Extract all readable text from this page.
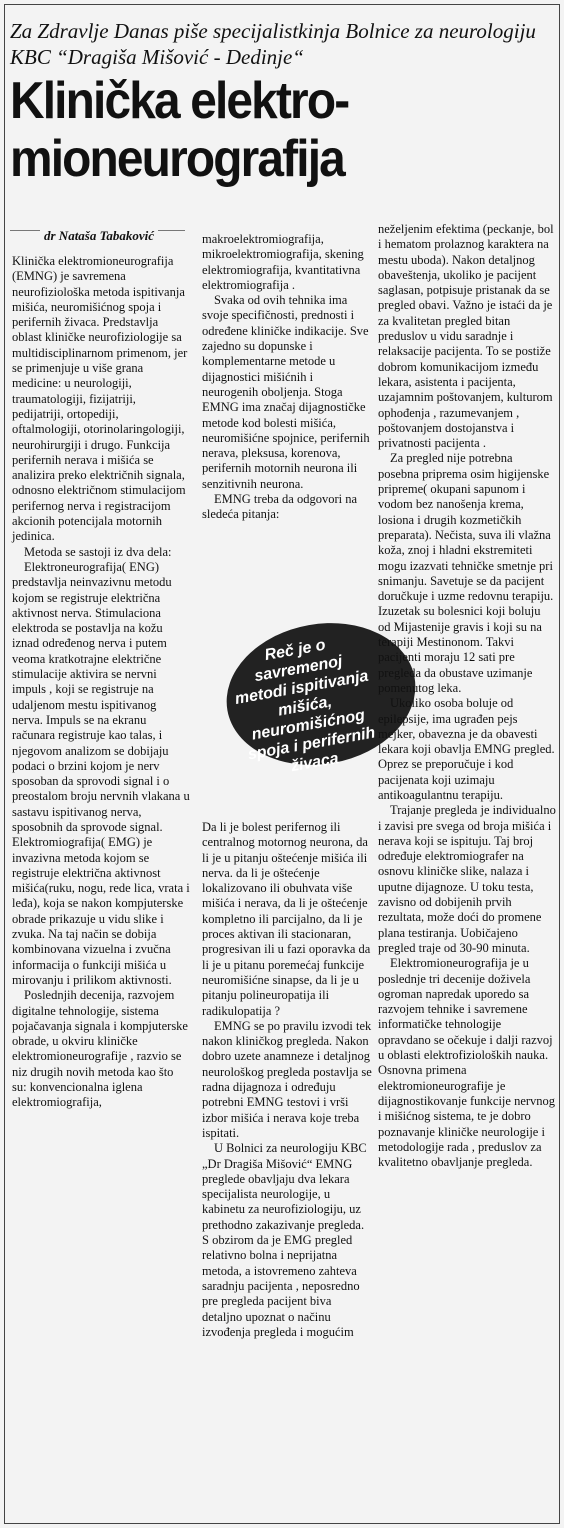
Za Zdravlje Danas piše specijalistkinja Bolnice za neurologiju KBC “Dragiša Mišović - Dedinje“

Klinička elektro-mioneurografija
dr Nataša Tabaković

Klinička elektromioneurografija (EMNG) je savremena neurofiziološka metoda ispitivanja mišića, neuromišićnog spoja i perifernih živaca. Predstavlja oblast kliničke neurofiziologije sa multidisciplinarnom primenom, jer se primenjuje u više grana medicine: u neurologiji, traumatologiji, fizijatriji, pedijatriji, ortopediji, oftalmologiji, otorinolaringologiji, neurohirurgiji i drugo. Funkcija perifernih nerava i mišića se analizira preko električnih signala, odnosno električnom stimulacijom perifernog nerva i registracijom akcionih potencijala motornih jedinica.

Metoda se sastoji iz dva dela:

Elektroneurografija( ENG) predstavlja neinvazivnu metodu kojom se registruje električna aktivnost nerva. Stimulaciona elektroda se postavlja na kožu iznad određenog nerva i putem veoma kratkotrajne električne stimulacije aktivira se nervni impuls , koji se registruje na udaljenom mestu ispitivanog nerva. Impuls se na ekranu računara registruje kao talas, i njegovom analizom se dobijaju podaci o brzini kojom je nerv sposoban da sprovodi signal i o preostalom broju nervnih vlakana u sastavu ispitivanog nerva, sposobnih da sprovode signal.

Elektromiografija( EMG) je invazivna metoda kojom se registruje električna aktivnost mišića(ruku, nogu, rede lica, vrata i leđa), koja se nakon kompjuterske obrade prikazuje u vidu slike i zvuka. Na taj način se dobija kombinovana vizuelna i zvučna informacija o funkciji mišića u mirovanju i prilikom aktivnosti.

Poslednjih decenija, razvojem digitalne tehnologije, sistema pojačavanja signala i kompjuterske obrade, u okviru kliničke elektromioneurografije , razvio se niz drugih novih metoda kao što su: konvencionalna iglena elektromiografija,

makroelektromiografija, mikroelektromiografija, skening elektromiografija, kvantitativna elektromiografija .

Svaka od ovih tehnika ima svoje specifičnosti, prednosti i određene kliničke indikacije. Sve zajedno su dopunske i komplementarne metode u dijagnostici mišićnih i neurogenih oboljenja. Stoga EMNG ima značaj dijagnostičke metode kod bolesti mišića, neuromišićne spojnice, perifernih nerava, pleksusa, korenova, perifernih motornih neurona ili senzitivnih neurona.

EMNG treba da odgovori na sledeća pitanja:

Reč je o savremenoj metodi ispitivanja mišića, neuromišićnog spoja i perifernih živaca

Da li je bolest perifernog ili centralnog motornog neurona, da li je u pitanju oštećenje mišića ili nerva. da li je oštećenje lokalizovano ili obuhvata više mišića i nerava, da li je oštećenje kompletno ili parcijalno, da li je proces aktivan ili stacionaran, progresivan ili u fazi oporavka da li je u pitanu poremećaj funkcije neuromišićne sinapse, da li je u pitanju polineuropatija ili radikulopatija ?

EMNG se po pravilu izvodi tek nakon kliničkog pregleda. Nakon dobro uzete anamneze i detaljnog neurološkog pregleda postavlja se radna dijagnoza i određuju potrebni EMNG testovi i vrši izbor mišića i nerava koje treba ispitati.

U Bolnici za neurologiju KBC „Dr Dragiša Mišović“ EMNG preglede obavljaju dva lekara specijalista neurologije, u kabinetu za neurofiziologiju, uz prethodno zakazivanje pregleda. S obzirom da je EMG pregled relativno bolna i neprijatna metoda, a istovremeno zahteva saradnju pacijenta , neposredno pre pregleda pacijent biva detaljno upoznat o načinu izvođenja pregleda i mogućim

neželjenim efektima (peckanje, bol i hematom prolaznog karaktera na mestu uboda). Nakon detaljnog obaveštenja, ukoliko je pacijent saglasan, potpisuje pristanak da se pregled obavi. Važno je istaći da je za kvalitetan pregled bitan preduslov u vidu saradnje i relaksacije pacijenta. To se postiže dobrom komunikacijom između lekara, asistenta i pacijenta, uzajamnim poštovanjem, kulturom ophođenja , razumevanjem , poštovanjem dostojanstva i privatnosti pacijenta .

Za pregled nije potrebna posebna priprema osim higijenske pripreme( okupani sapunom i vodom bez nanošenja krema, losiona i drugih kozmetičkih preparata). Nečista, suva ili vlažna koža, znoj i hladni ekstremiteti mogu izazvati tehničke smetnje pri snimanju. Savetuje se da pacijent doručkuje i uzme redovnu terapiju. Izuzetak su bolesnici koji boluju od Mijastenije gravis i koji su na terapiji Mestinonom. Takvi pacijenti moraju 12 sati pre pregleda da obustave uzimanje pomenutog leka.

Ukoliko osoba boluje od epilepsije, ima ugrađen pejs mejker, obavezna je da obavesti lekara koji obavlja EMNG pregled. Oprez se preporučuje i kod pacijenata koji uzimaju antikoagulantnu terapiju.

Trajanje pregleda je individualno i zavisi pre svega od broja mišića i nerava koji se ispituju. Taj broj određuje elektromiografer na osnovu kliničke slike, nalaza i uputne dijagnoze. U toku testa, zavisno od dobijenih prvih rezultata, može doći do promene plana testiranja. Uobičajeno pregled traje od 30-90 minuta.

Elektromioneurografija je u poslednje tri decenije doživela ogroman napredak uporedo sa razvojem tehnike i savremene informatičke tehnologije opravdano se očekuje i dalji razvoj u oblasti elektrofizioloških nauka. Osnovna primena elektromioneurografije je dijagnostikovanje funkcije nervnog i mišićnog sistema, te je dobro poznavanje kliničke neurologije i metodologije rada , preduslov za kvalitetno obavljanje pregleda.
